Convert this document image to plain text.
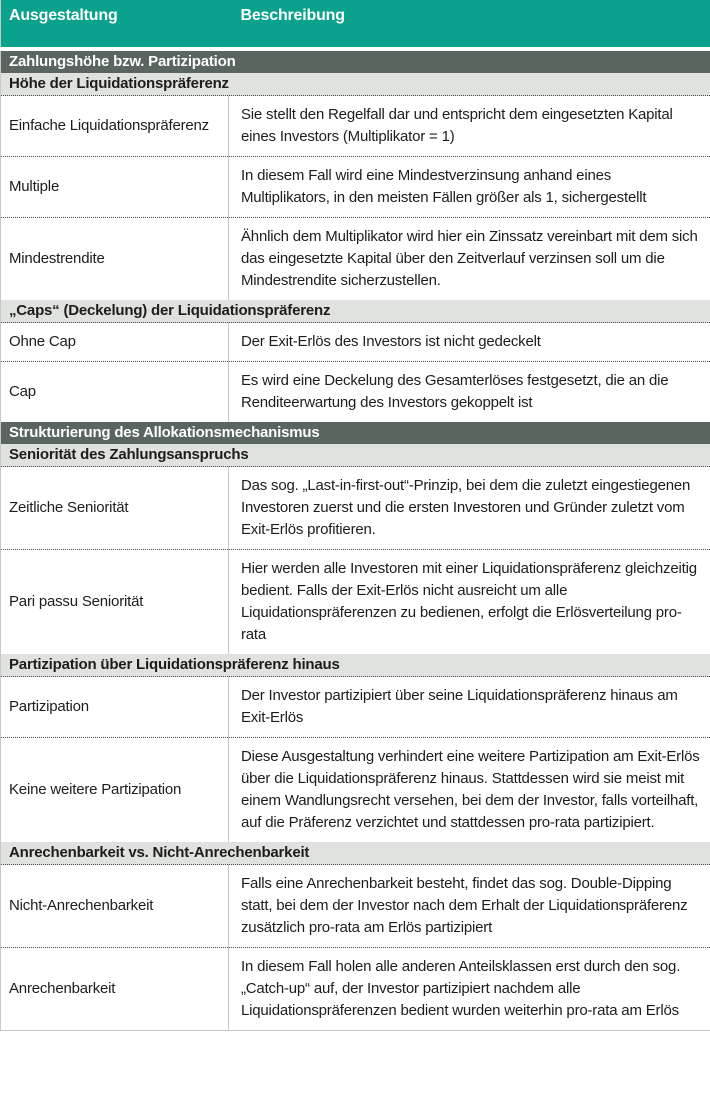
Ausgestaltung	Beschreibung
Zahlungshöhe bzw. Partizipation	
Höhe der Liquidationspräferenz	
Einfache Liquidationspräferenz	Sie stellt den Regelfall dar und entspricht dem eingesetzten Kapital eines Investors (Multiplikator = 1)
Multiple	In diesem Fall wird eine Mindestverzinsung anhand eines Multiplikators, in den meisten Fällen größer als 1, sichergestellt
Mindestrendite	Ähnlich dem Multiplikator wird hier ein Zinssatz vereinbart mit dem sich das eingesetzte Kapital über den Zeitverlauf verzinsen soll um die Mindestrendite sicherzustellen.
„Caps“ (Deckelung) der Liquidationspräferenz	
Ohne Cap	Der Exit-Erlös des Investors ist nicht gedeckelt
Cap	Es wird eine Deckelung des Gesamterlöses festgesetzt, die an die Renditeerwartung des Investors gekoppelt ist
Strukturierung des Allokationsmechanismus	
Seniorität des Zahlungsanspruchs	
Zeitliche Seniorität	Das sog. „Last-in-first-out“-Prinzip, bei dem die zuletzt eingestiegenen Investoren zuerst und die ersten Investoren und Gründer zuletzt vom Exit-Erlös profitieren.
Pari passu Seniorität	Hier werden alle Investoren mit einer Liquidationspräferenz gleichzeitig bedient. Falls der Exit-Erlös nicht ausreicht um alle Liquidationspräferenzen zu bedienen, erfolgt die Erlösverteilung pro-rata
Partizipation über Liquidationspräferenz hinaus	
Partizipation	Der Investor partizipiert über seine Liquidationspräferenz hinaus am Exit-Erlös
Keine weitere Partizipation	Diese Ausgestaltung verhindert eine weitere Partizipation am Exit-Erlös über die Liquidationspräferenz hinaus. Stattdessen wird sie meist mit einem Wandlungsrecht versehen, bei dem der Investor, falls vorteilhaft, auf die Präferenz verzichtet und stattdessen pro-rata partizipiert.
Anrechenbarkeit vs. Nicht-Anrechenbarkeit	
Nicht-Anrechenbarkeit	Falls eine Anrechenbarkeit besteht, findet das sog. Double-Dipping statt, bei dem der Investor nach dem Erhalt der Liquidationspräferenz zusätzlich pro-rata am Erlös partizipiert
Anrechenbarkeit	In diesem Fall holen alle anderen Anteilsklassen erst durch den sog. „Catch-up“ auf, der Investor partizipiert nachdem alle Liquidationspräferenzen bedient wurden weiterhin pro-rata am Erlös
